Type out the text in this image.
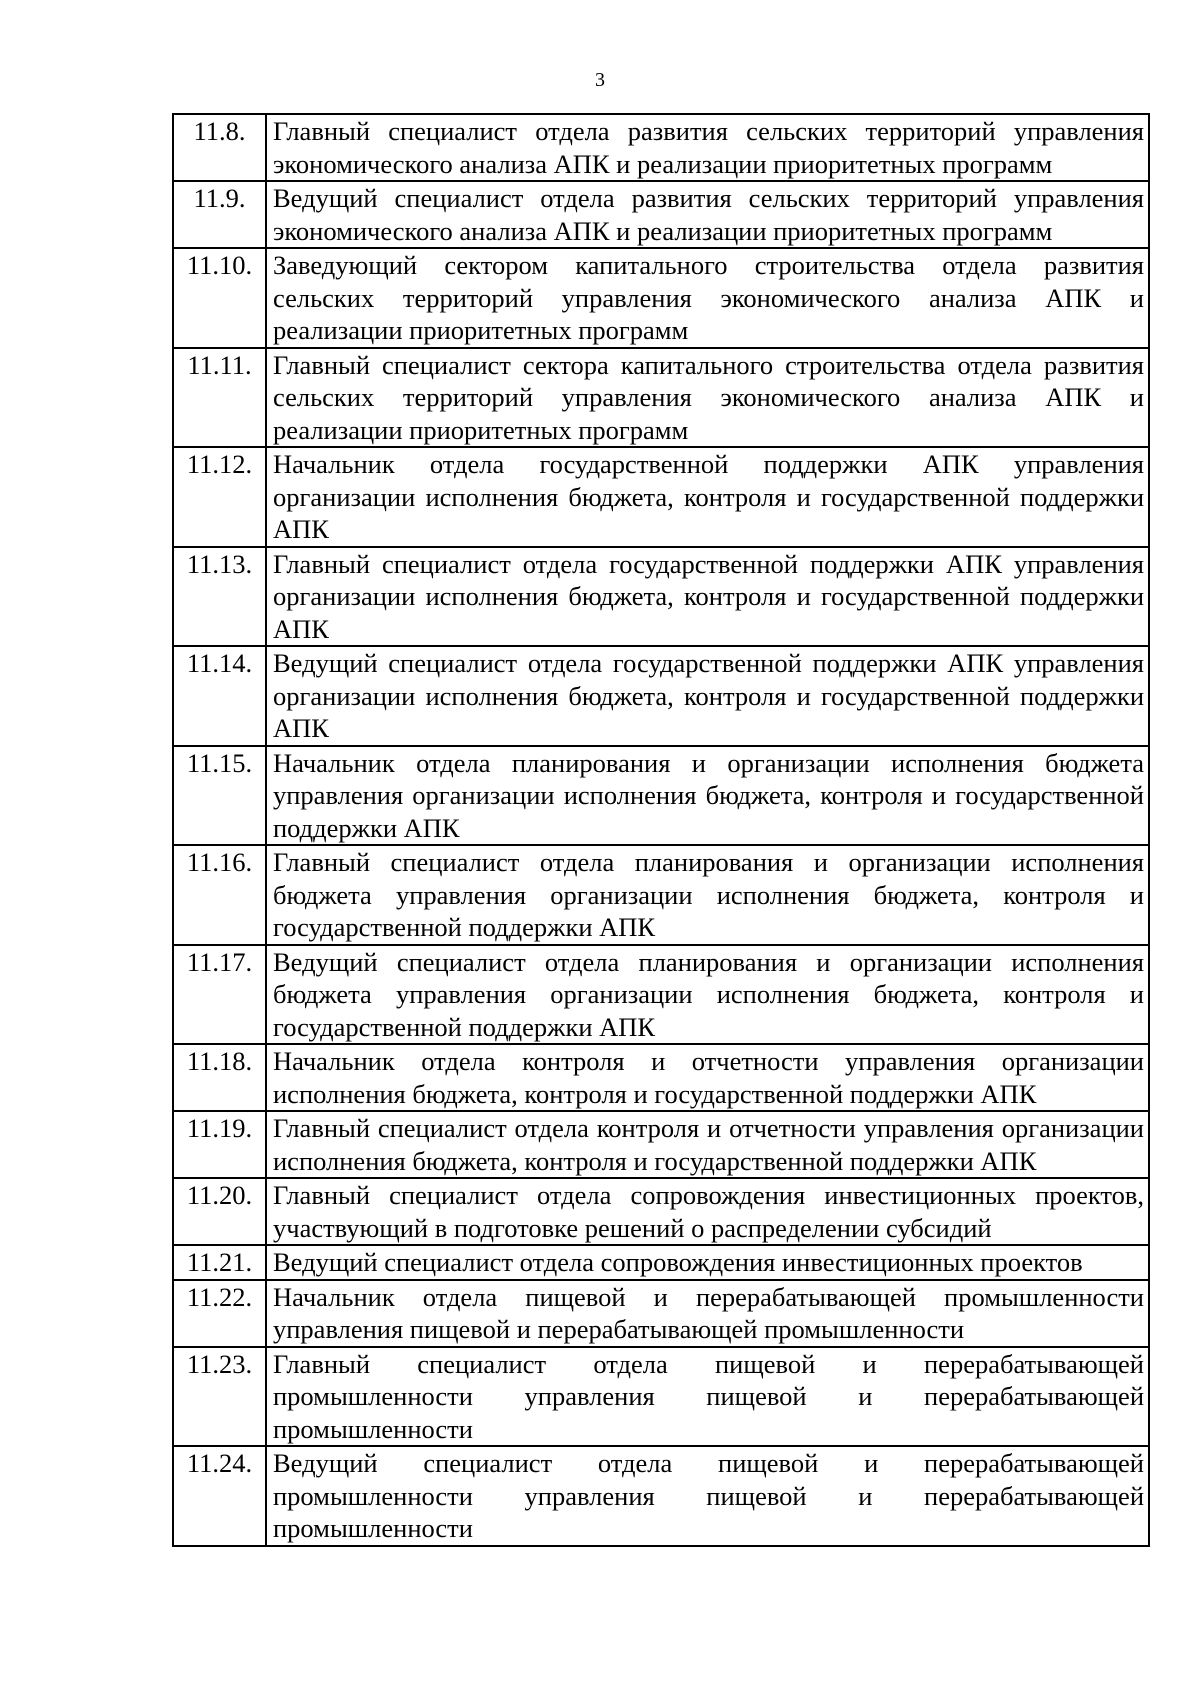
3
11.8.	Главный специалист отдела развития сельских территорий управления экономического анализа АПК и реализации приоритетных программ
11.9.	Ведущий специалист отдела развития сельских территорий управления экономического анализа АПК и реализации приоритетных программ
11.10.	Заведующий сектором капитального строительства отдела развития сельских территорий управления экономического анализа АПК и реализации приоритетных программ
11.11.	Главный специалист сектора капитального строительства отдела развития сельских территорий управления экономического анализа АПК и реализации приоритетных программ
11.12.	Начальник отдела государственной поддержки АПК управления организации исполнения бюджета, контроля и государственной поддержки АПК
11.13.	Главный специалист отдела государственной поддержки АПК управления организации исполнения бюджета, контроля и государственной поддержки АПК
11.14.	Ведущий специалист отдела государственной поддержки АПК управления организации исполнения бюджета, контроля и государственной поддержки АПК
11.15.	Начальник отдела планирования и организации исполнения бюджета управления организации исполнения бюджета, контроля и государственной поддержки АПК
11.16.	Главный специалист отдела планирования и организации исполнения бюджета управления организации исполнения бюджета, контроля и государственной поддержки АПК
11.17.	Ведущий специалист отдела планирования и организации исполнения бюджета управления организации исполнения бюджета, контроля и государственной поддержки АПК
11.18.	Начальник отдела контроля и отчетности управления организации исполнения бюджета, контроля и государственной поддержки АПК
11.19.	Главный специалист отдела контроля и отчетности управления организации исполнения бюджета, контроля и государственной поддержки АПК
11.20.	Главный специалист отдела сопровождения инвестиционных проектов, участвующий в подготовке решений о распределении субсидий
11.21.	Ведущий специалист отдела сопровождения инвестиционных проектов
11.22.	Начальник отдела пищевой и перерабатывающей промышленности управления пищевой и перерабатывающей промышленности
11.23.	Главный специалист отдела пищевой и перерабатывающей промышленности управления пищевой и перерабатывающей промышленности
11.24.	Ведущий специалист отдела пищевой и перерабатывающей промышленности управления пищевой и перерабатывающей промышленности
